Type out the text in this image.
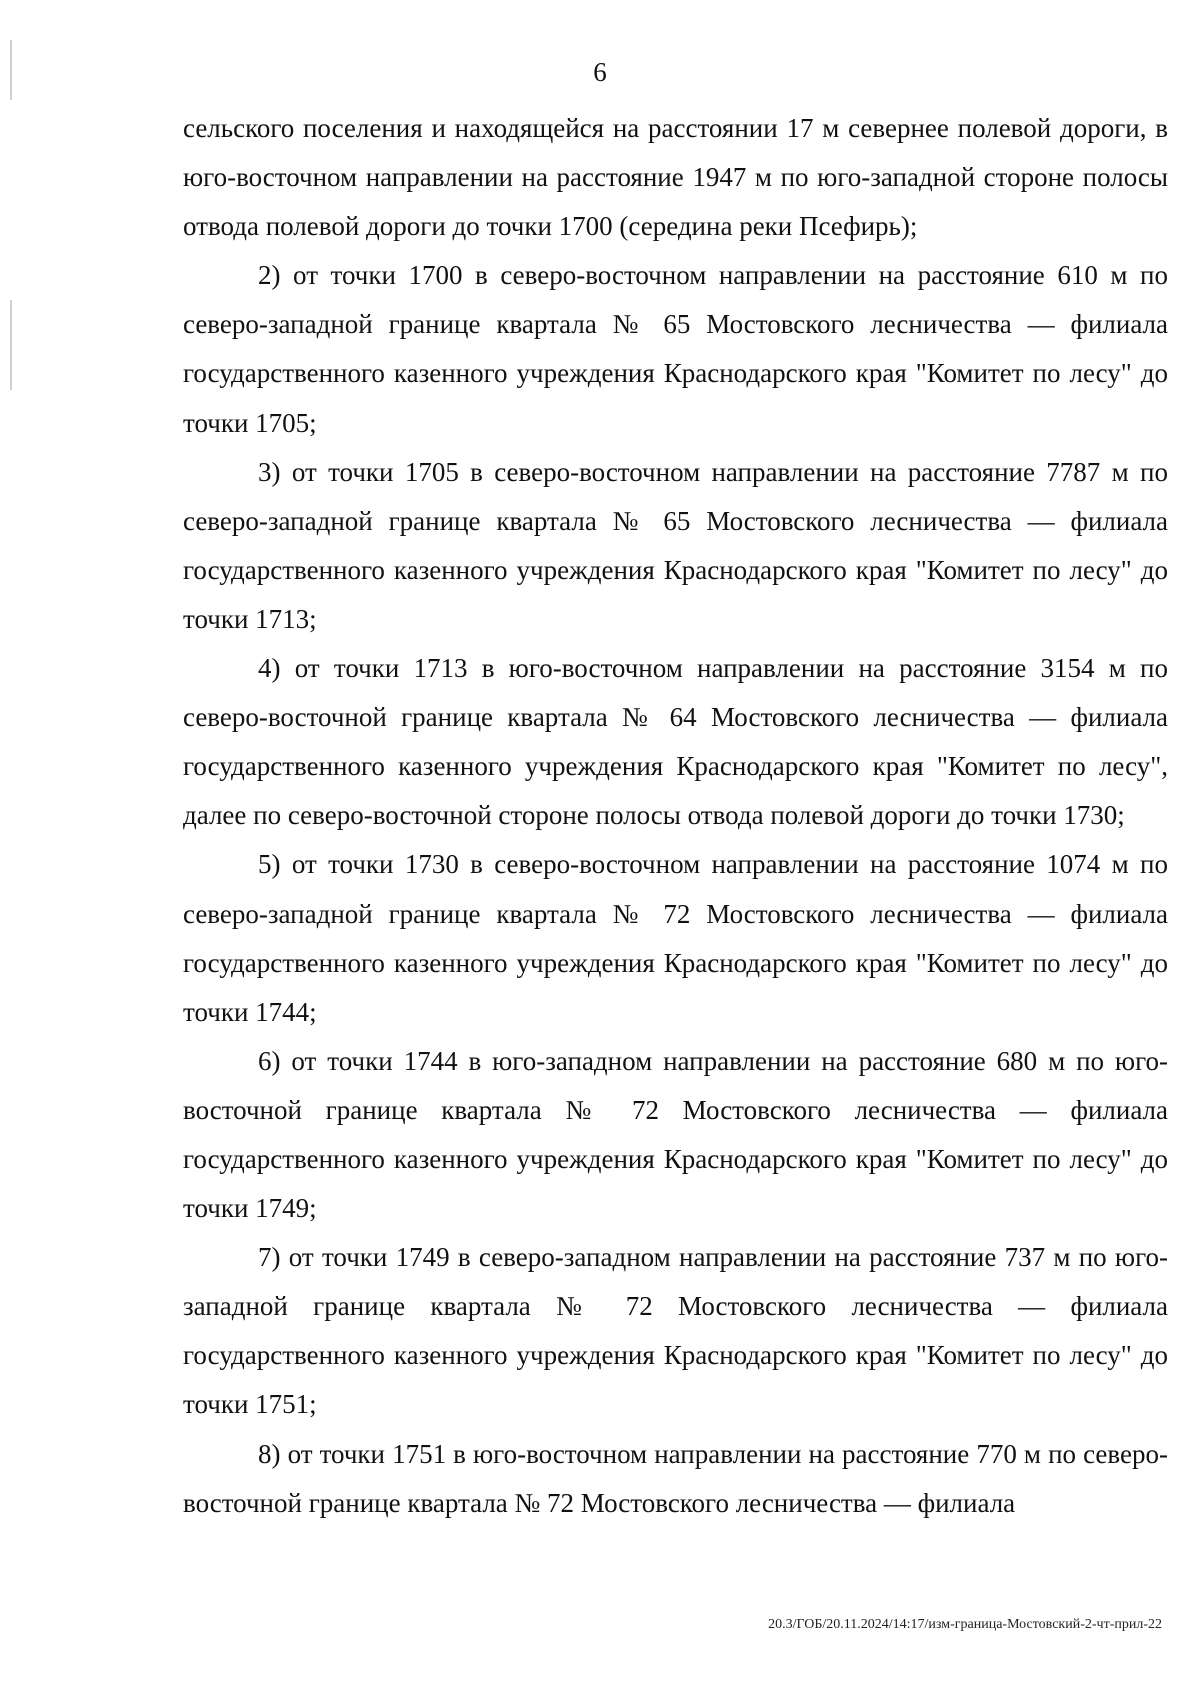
6

сельского поселения и находящейся на расстоянии 17 м севернее полевой дороги, в юго-восточном направлении на расстояние 1947 м по юго-западной стороне полосы отвода полевой дороги до точки 1700 (середина реки Псефирь);

2) от точки 1700 в северо-восточном направлении на расстояние 610 м по северо-западной границе квартала № 65 Мостовского лесничества — филиала государственного казенного учреждения Краснодарского края "Комитет по лесу" до точки 1705;

3) от точки 1705 в северо-восточном направлении на расстояние 7787 м по северо-западной границе квартала № 65 Мостовского лесничества — филиала государственного казенного учреждения Краснодарского края "Комитет по лесу" до точки 1713;

4) от точки 1713 в юго-восточном направлении на расстояние 3154 м по северо-восточной границе квартала № 64 Мостовского лесничества — филиала государственного казенного учреждения Краснодарского края "Комитет по лесу", далее по северо-восточной стороне полосы отвода полевой дороги до точки 1730;

5) от точки 1730 в северо-восточном направлении на расстояние 1074 м по северо-западной границе квартала № 72 Мостовского лесничества — филиала государственного казенного учреждения Краснодарского края "Комитет по лесу" до точки 1744;

6) от точки 1744 в юго-западном направлении на расстояние 680 м по юго-восточной границе квартала № 72 Мостовского лесничества — филиала государственного казенного учреждения Краснодарского края "Комитет по лесу" до точки 1749;

7) от точки 1749 в северо-западном направлении на расстояние 737 м по юго-западной границе квартала № 72 Мостовского лесничества — филиала государственного казенного учреждения Краснодарского края "Комитет по лесу" до точки 1751;

8) от точки 1751 в юго-восточном направлении на расстояние 770 м по северо-восточной границе квартала № 72 Мостовского лесничества — филиала

20.3/ГОБ/20.11.2024/14:17/изм-граница-Мостовский-2-чт-прил-22
